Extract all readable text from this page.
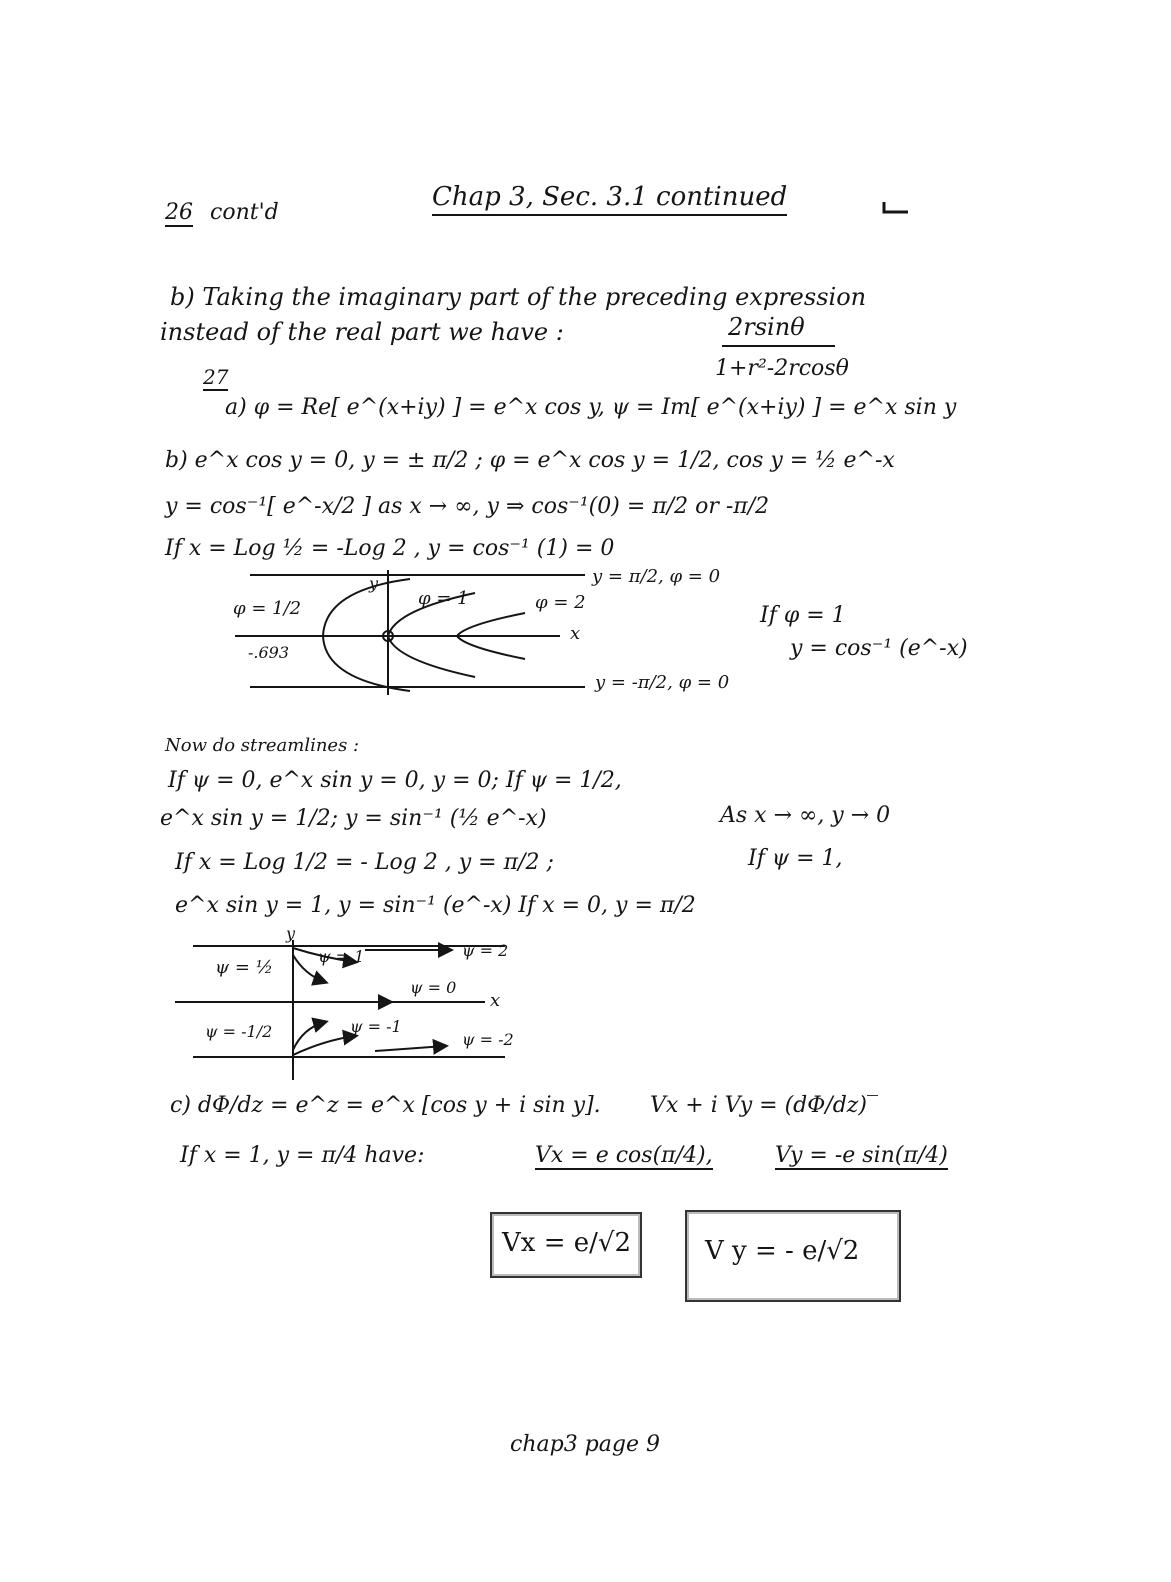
26 cont'd
Chap 3, Sec. 3.1 continued
b) Taking the imaginary part of the preceding expression
instead of the real part we have :	2rsinθ
1+r²-2rcosθ
27
a) φ = Re[ e^(x+iy) ] = e^x cos y, ψ = Im[ e^(x+iy) ] = e^x sin y
b) e^x cos y = 0, y = ± π/2 ; φ = e^x cos y = 1/2, cos y = ½ e^-x
y = cos⁻¹[ e^-x/2 ] as x → ∞, y ⇒ cos⁻¹(0) = π/2 or -π/2
If x = Log ½ = -Log 2 , y = cos⁻¹ (1) = 0
y = π/2, φ = 0
y = -π/2, φ = 0
y
x
φ = 1/2	φ = 1	φ = 2
-.693
If φ = 1
y = cos⁻¹ (e^-x)
Now do streamlines :
If ψ = 0, e^x sin y = 0, y = 0; If ψ = 1/2,
e^x sin y = 1/2; y = sin⁻¹ (½ e^-x)	As x → ∞, y → 0
If x = Log 1/2 = - Log 2 , y = π/2 ;	If ψ = 1,
e^x sin y = 1, y = sin⁻¹ (e^-x) If x = 0, y = π/2
y
x
ψ = ½
ψ = 1	ψ = 2
ψ = 0
ψ = -1/2	ψ = -1
ψ = -2
c) dΦ/dz = e^z = e^x [cos y + i sin y]. Vx + i Vy = (dΦ/dz)‾
If x = 1, y = π/4 have:	Vx = e cos(π/4),	Vy = -e sin(π/4)
Vx = e/√2	V y = - e/√2
chap3 page 9
